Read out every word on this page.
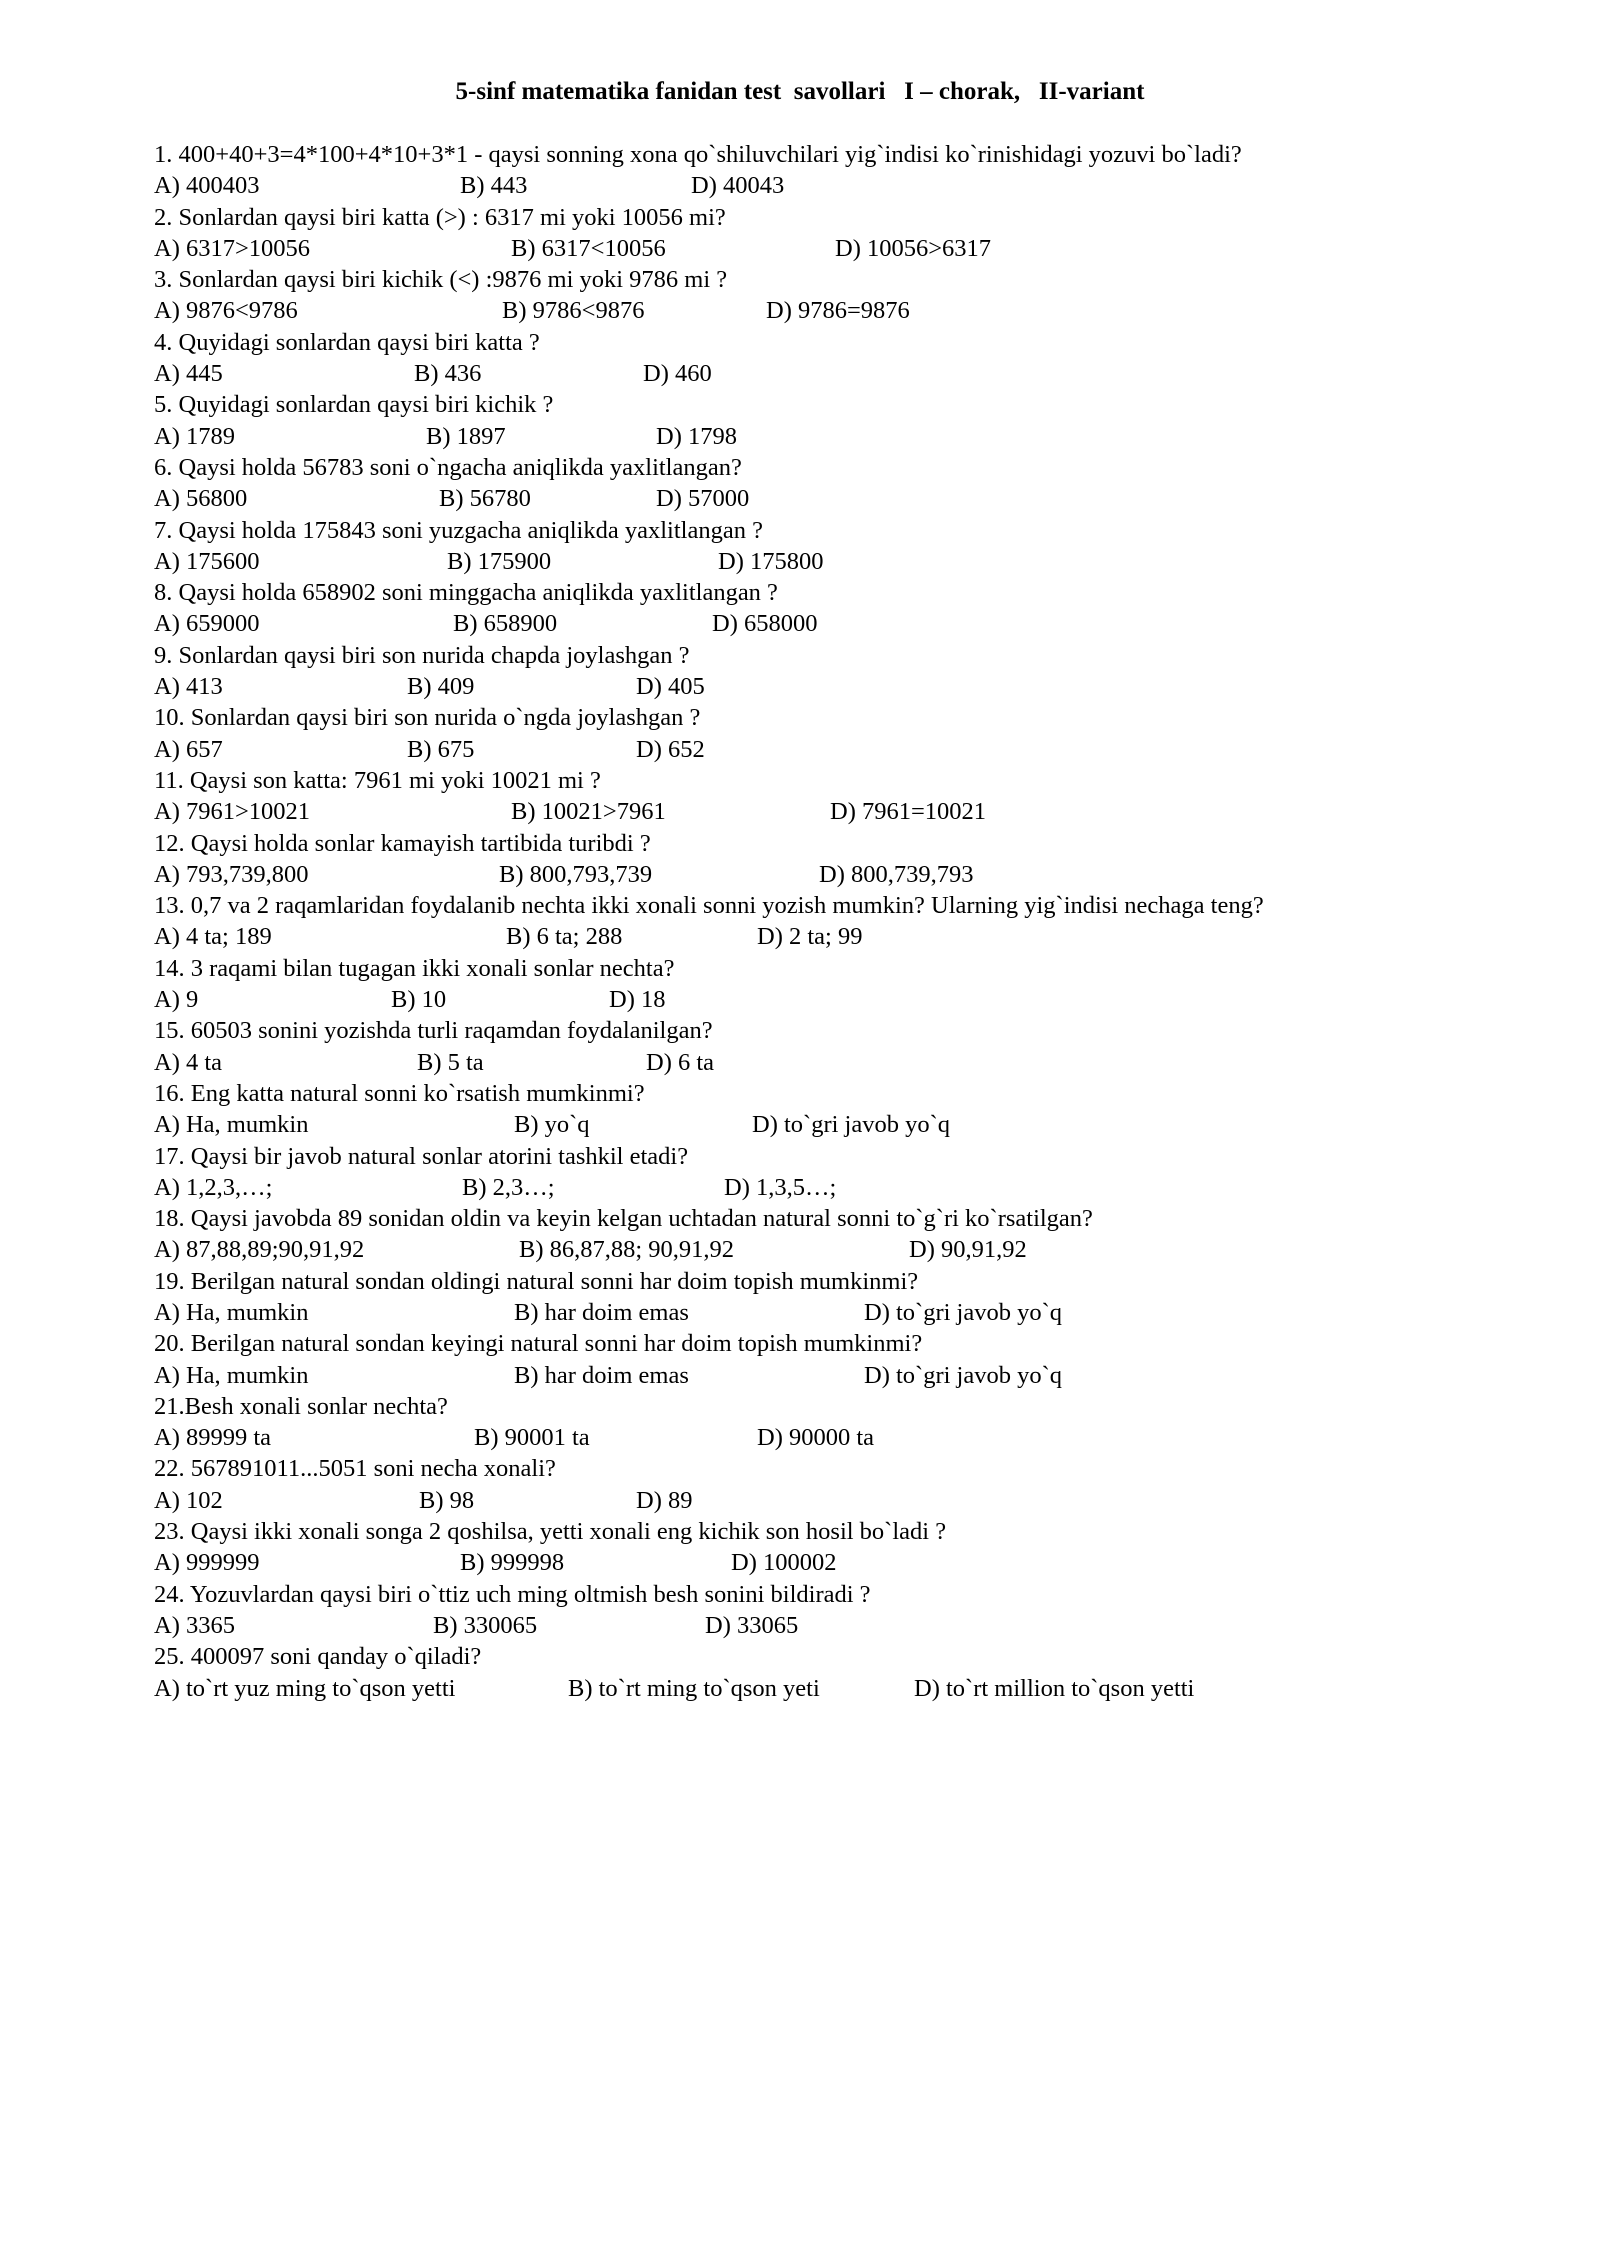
5-sinf matematika fanidan test  savollari   I – chorak,   II-variant
1. 400+40+3=4*100+4*10+3*1 - qaysi sonning xona qo`shiluvchilari yig`indisi ko`rinishidagi yozuvi bo`ladi?
A) 400403	B) 443	D) 40043
2. Sonlardan qaysi biri katta (>) : 6317 mi yoki 10056 mi?
A) 6317>10056	B) 6317<10056	D) 10056>6317
3. Sonlardan qaysi biri kichik (<) :9876 mi yoki 9786 mi ?
A) 9876<9786	B) 9786<9876	D) 9786=9876
4. Quyidagi sonlardan qaysi biri katta ?
A) 445	B) 436	D) 460
5. Quyidagi sonlardan qaysi biri kichik ?
A) 1789	B) 1897	D) 1798
6. Qaysi holda 56783 soni o`ngacha aniqlikda yaxlitlangan?
A) 56800	B) 56780	D) 57000
7. Qaysi holda 175843 soni yuzgacha aniqlikda yaxlitlangan ?
A) 175600	B) 175900	D) 175800
8. Qaysi holda 658902 soni minggacha aniqlikda yaxlitlangan ?
A) 659000	B) 658900	D) 658000
9. Sonlardan qaysi biri son nurida chapda joylashgan ?
A) 413	B) 409	D) 405
10. Sonlardan qaysi biri son nurida o`ngda joylashgan ?
A) 657	B) 675	D) 652
11. Qaysi son katta: 7961 mi yoki 10021 mi ?
A) 7961>10021	B) 10021>7961	D) 7961=10021
12. Qaysi holda sonlar kamayish tartibida turibdi ?
A) 793,739,800	B) 800,793,739	D) 800,739,793
13. 0,7 va 2 raqamlaridan foydalanib nechta ikki xonali sonni yozish mumkin? Ularning yig`indisi nechaga teng?
A) 4 ta; 189	B) 6 ta; 288	D) 2 ta; 99
14. 3 raqami bilan tugagan ikki xonali sonlar nechta?
A) 9	B) 10	D) 18
15. 60503 sonini yozishda turli raqamdan foydalanilgan?
A) 4 ta	B) 5 ta	D) 6 ta
16. Eng katta natural sonni ko`rsatish mumkinmi?
A) Ha, mumkin	B) yo`q	D) to`gri javob yo`q
17. Qaysi bir javob natural sonlar atorini tashkil etadi?
A) 1,2,3,…;	B) 2,3…;	D) 1,3,5…;
18. Qaysi javobda 89 sonidan oldin va keyin kelgan uchtadan natural sonni to`g`ri ko`rsatilgan?
A) 87,88,89;90,91,92	B) 86,87,88; 90,91,92	D) 90,91,92
19. Berilgan natural sondan oldingi natural sonni har doim topish mumkinmi?
A) Ha, mumkin	B) har doim emas	D) to`gri javob yo`q
20. Berilgan natural sondan keyingi natural sonni har doim topish mumkinmi?
A) Ha, mumkin	B) har doim emas	D) to`gri javob yo`q
21.Besh xonali sonlar nechta?
A) 89999 ta	B) 90001 ta	D) 90000 ta
22. 567891011...5051 soni necha xonali?
A) 102	B) 98	D) 89
23. Qaysi ikki xonali songa 2 qoshilsa, yetti xonali eng kichik son hosil bo`ladi ?
A) 999999	B) 999998	D) 100002
24. Yozuvlardan qaysi biri o`ttiz uch ming oltmish besh sonini bildiradi ?
A) 3365	B) 330065	D) 33065
25. 400097 soni qanday o`qiladi?
A) to`rt yuz ming to`qson yetti	B) to`rt ming to`qson yeti	D) to`rt million to`qson yetti
